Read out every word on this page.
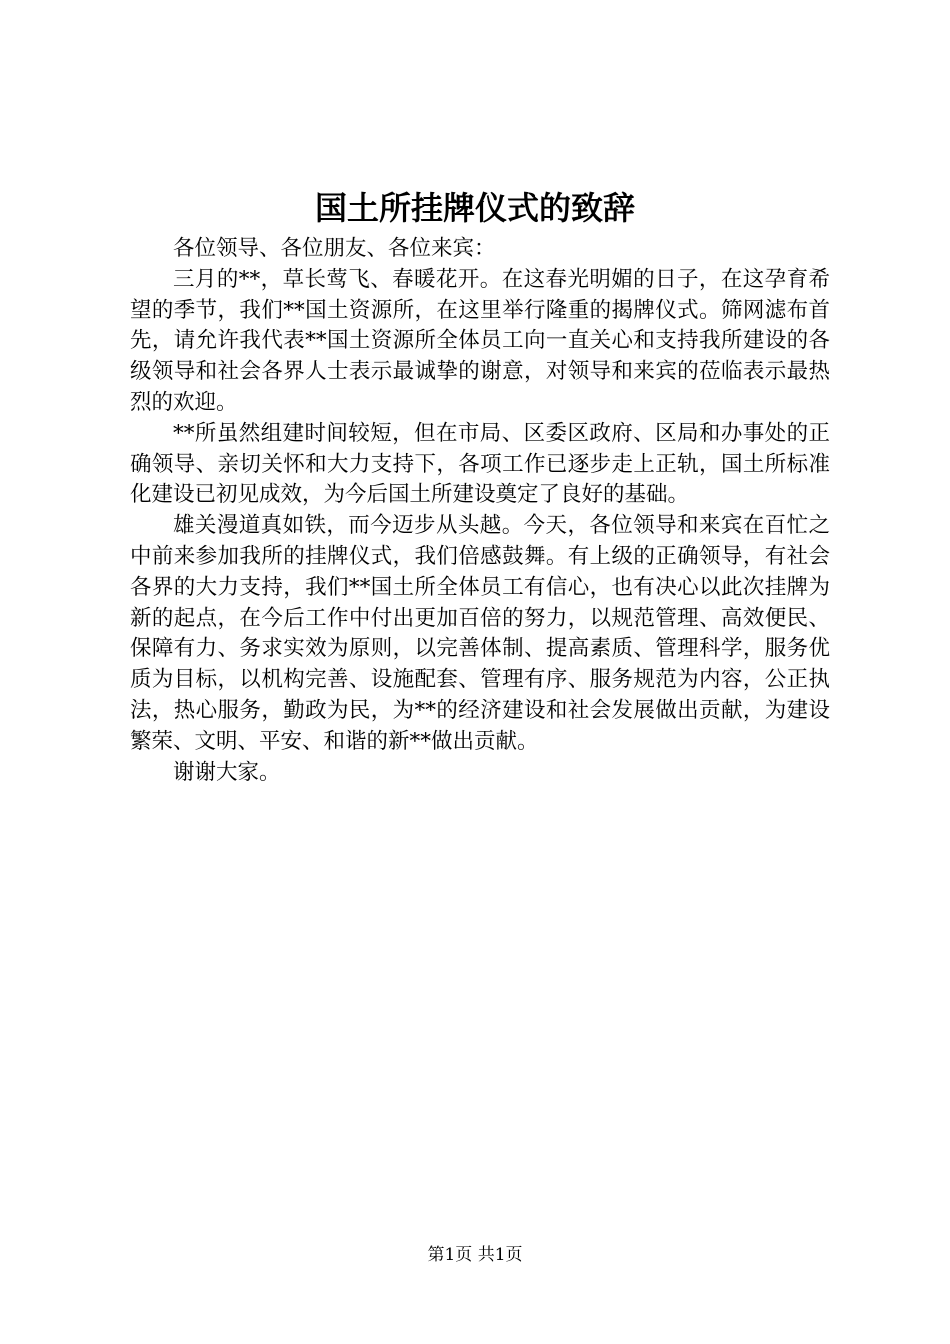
国土所挂牌仪式的致辞

各位领导、各位朋友、各位来宾：

三月的**，草长莺飞、春暖花开。在这春光明媚的日子，在这孕育希望的季节，我们**国土资源所，在这里举行隆重的揭牌仪式。筛网滤布首先，请允许我代表**国土资源所全体员工向一直关心和支持我所建设的各级领导和社会各界人士表示最诚挚的谢意，对领导和来宾的莅临表示最热烈的欢迎。

**所虽然组建时间较短，但在市局、区委区政府、区局和办事处的正确领导、亲切关怀和大力支持下，各项工作已逐步走上正轨，国土所标准化建设已初见成效，为今后国土所建设奠定了良好的基础。

雄关漫道真如铁，而今迈步从头越。今天，各位领导和来宾在百忙之中前来参加我所的挂牌仪式，我们倍感鼓舞。有上级的正确领导，有社会各界的大力支持，我们**国土所全体员工有信心，也有决心以此次挂牌为新的起点，在今后工作中付出更加百倍的努力，以规范管理、高效便民、保障有力、务求实效为原则，以完善体制、提高素质、管理科学，服务优质为目标，以机构完善、设施配套、管理有序、服务规范为内容，公正执法，热心服务，勤政为民，为**的经济建设和社会发展做出贡献，为建设繁荣、文明、平安、和谐的新**做出贡献。

谢谢大家。

第1页 共1页
